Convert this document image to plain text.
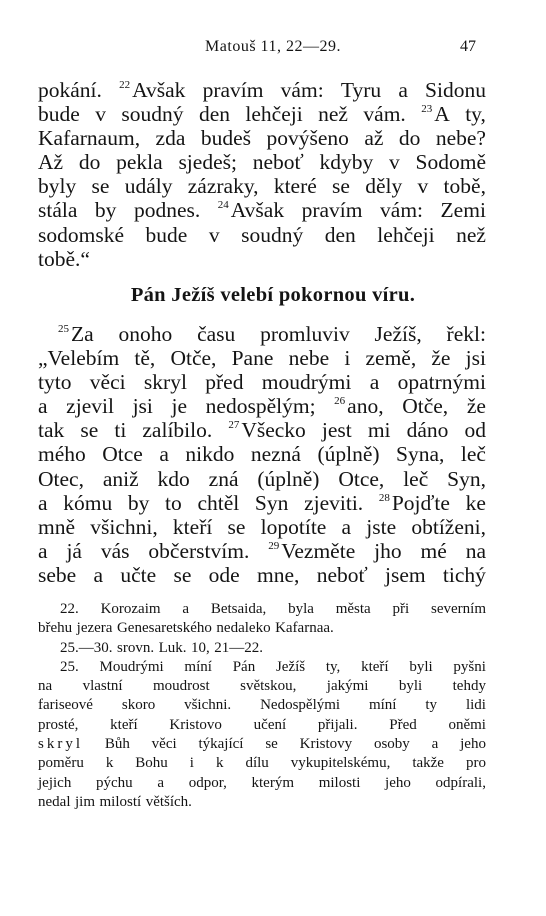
Matouš 11, 22—29.	47
pokání. $^{22}$Avšak pravím vám: Tyru a Sidonu
bude v soudný den lehčeji než vám. $^{23}$A ty,
Kafarnaum, zda budeš povýšeno až do nebe?
Až do pekla sjedeš; neboť kdyby v Sodomě
byly se udály zázraky, které se děly v tobě,
stála by podnes. $^{24}$Avšak pravím vám: Zemi
sodomské bude v soudný den lehčeji než
tobě.“
Pán Ježíš velebí pokornou víru.
$^{25}$Za onoho času promluviv Ježíš, řekl:
„Velebím tě, Otče, Pane nebe i země, že jsi
tyto věci skryl před moudrými a opatrnými
a zjevil jsi je nedospělým; $^{26}$ano, Otče, že
tak se ti zalíbilo. $^{27}$Všecko jest mi dáno od
mého Otce a nikdo nezná (úplně) Syna, leč
Otec, aniž kdo zná (úplně) Otce, leč Syn,
a kómu by to chtěl Syn zjeviti. $^{28}$Pojďte ke
mně všichni, kteří se lopotíte a jste obtíženi,
a já vás občerstvím. $^{29}$Vezměte jho mé na
sebe a učte se ode mne, neboť jsem tichý
22. Korozaim a Betsaida, byla města při severním
břehu jezera Genesaretského nedaleko Kafarnaa.
25.—30. srovn. Luk. 10, 21—22.
25. Moudrými míní Pán Ježíš ty, kteří byli pyšni
na vlastní moudrost světskou, jakými byli tehdy
fariseové skoro všichni. Nedospělými míní ty lidi
prosté, kteří Kristovo učení přijali. Před oněmi
skryl Bůh věci týkající se Kristovy osoby a jeho
poměru k Bohu i k dílu vykupitelskému, takže pro
jejich pýchu a odpor, kterým milosti jeho odpírali,
nedal jim milostí větších.
